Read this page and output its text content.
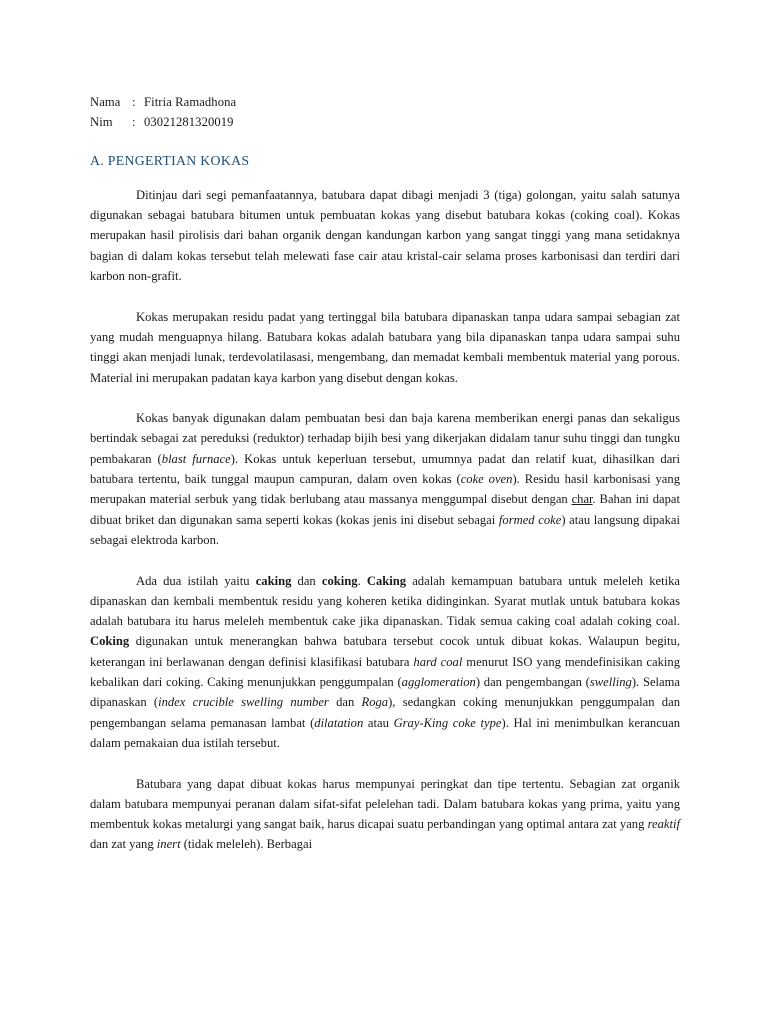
Nama : Fitria Ramadhona
Nim	: 03021281320019
A. PENGERTIAN KOKAS

Ditinjau dari segi pemanfaatannya, batubara dapat dibagi menjadi 3 (tiga) golongan, yaitu salah satunya digunakan sebagai batubara bitumen untuk pembuatan kokas yang disebut batubara kokas (coking coal). Kokas merupakan hasil pirolisis dari bahan organik dengan kandungan karbon yang sangat tinggi yang mana setidaknya bagian di dalam kokas tersebut telah melewati fase cair atau kristal-cair selama proses karbonisasi dan terdiri dari karbon non-grafit.

Kokas merupakan residu padat yang tertinggal bila batubara dipanaskan tanpa udara sampai sebagian zat yang mudah menguapnya hilang. Batubara kokas adalah batubara yang bila dipanaskan tanpa udara sampai suhu tinggi akan menjadi lunak, terdevolatilasasi, mengembang, dan memadat kembali membentuk material yang porous. Material ini merupakan padatan kaya karbon yang disebut dengan kokas.

Kokas banyak digunakan dalam pembuatan besi dan baja karena memberikan energi panas dan sekaligus bertindak sebagai zat pereduksi (reduktor) terhadap bijih besi yang dikerjakan didalam tanur suhu tinggi dan tungku pembakaran (blast furnace). Kokas untuk keperluan tersebut, umumnya padat dan relatif kuat, dihasilkan dari batubara tertentu, baik tunggal maupun campuran, dalam oven kokas (coke oven). Residu hasil karbonisasi yang merupakan material serbuk yang tidak berlubang atau massanya menggumpal disebut dengan char. Bahan ini dapat dibuat briket dan digunakan sama seperti kokas (kokas jenis ini disebut sebagai formed coke) atau langsung dipakai sebagai elektroda karbon.

Ada dua istilah yaitu caking dan coking. Caking adalah kemampuan batubara untuk meleleh ketika dipanaskan dan kembali membentuk residu yang koheren ketika didinginkan. Syarat mutlak untuk batubara kokas adalah batubara itu harus meleleh membentuk cake jika dipanaskan. Tidak semua caking coal adalah coking coal. Coking digunakan untuk menerangkan bahwa batubara tersebut cocok untuk dibuat kokas. Walaupun begitu, keterangan ini berlawanan dengan definisi klasifikasi batubara hard coal menurut ISO yang mendefinisikan caking kebalikan dari coking. Caking menunjukkan penggumpalan (agglomeration) dan pengembangan (swelling). Selama dipanaskan (index crucible swelling number dan Roga), sedangkan coking menunjukkan penggumpalan dan pengembangan selama pemanasan lambat (dilatation atau Gray-King coke type). Hal ini menimbulkan kerancuan dalam pemakaian dua istilah tersebut.

Batubara yang dapat dibuat kokas harus mempunyai peringkat dan tipe tertentu. Sebagian zat organik dalam batubara mempunyai peranan dalam sifat-sifat pelelehan tadi. Dalam batubara kokas yang prima, yaitu yang membentuk kokas metalurgi yang sangat baik, harus dicapai suatu perbandingan yang optimal antara zat yang reaktif dan zat yang inert (tidak meleleh). Berbagai
